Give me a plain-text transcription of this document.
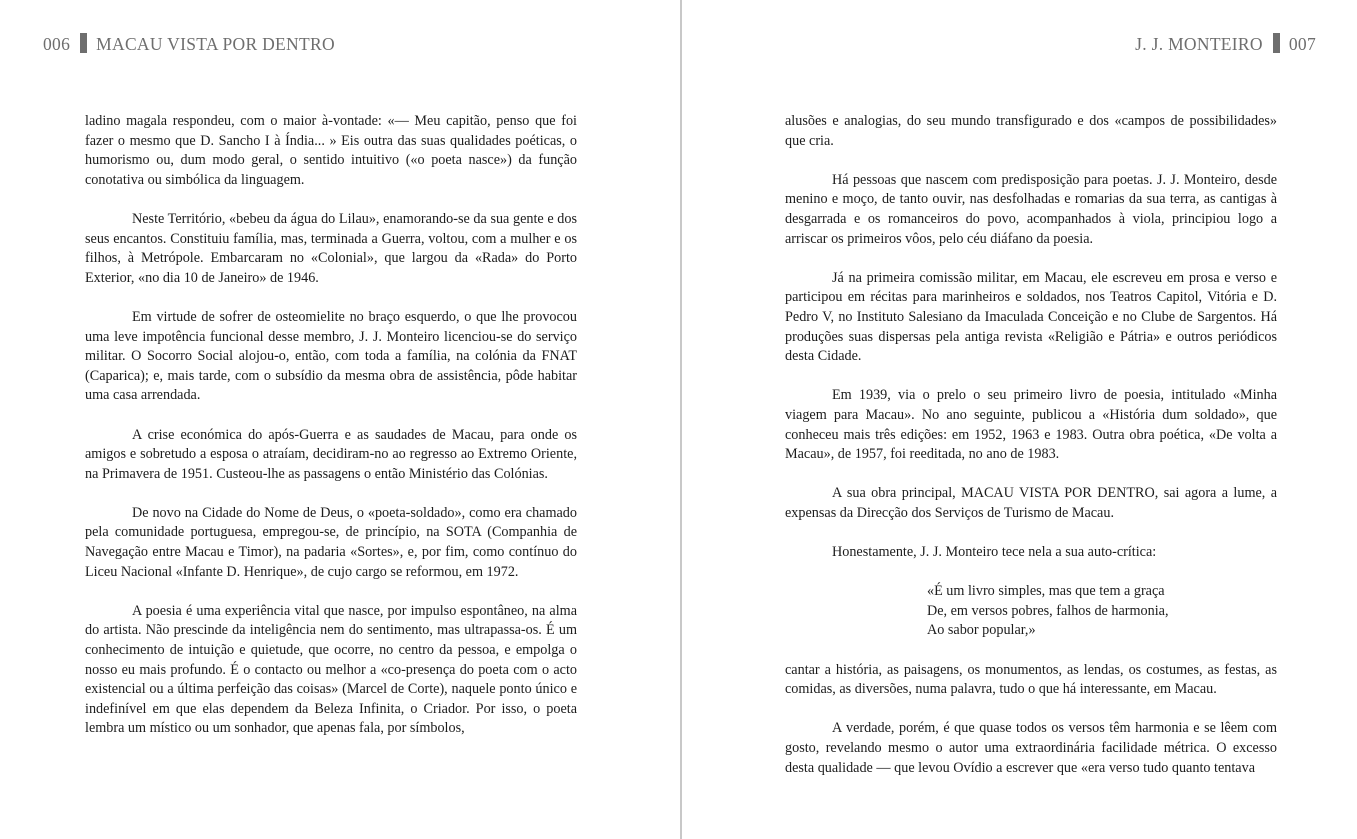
006 MACAU VISTA POR DENTRO

ladino magala respondeu, com o maior à-vontade: «— Meu capitão, penso que foi fazer o mesmo que D. Sancho I à Índia... » Eis outra das suas qualidades poéticas, o humorismo ou, dum modo geral, o sentido intuitivo («o poeta nasce») da função conotativa ou simbólica da linguagem.

Neste Território, «bebeu da água do Lilau», enamorando-se da sua gente e dos seus encantos. Constituiu família, mas, terminada a Guerra, voltou, com a mulher e os filhos, à Metrópole. Embarcaram no «Colonial», que largou da «Rada» do Porto Exterior, «no dia 10 de Janeiro» de 1946.

Em virtude de sofrer de osteomielite no braço esquerdo, o que lhe provocou uma leve impotência funcional desse membro, J. J. Monteiro licenciou-se do serviço militar. O Socorro Social alojou-o, então, com toda a família, na colónia da FNAT (Caparica); e, mais tarde, com o subsídio da mesma obra de assistência, pôde habitar uma casa arrendada.

A crise económica do após-Guerra e as saudades de Macau, para onde os amigos e sobretudo a esposa o atraíam, decidiram-no ao regresso ao Extremo Oriente, na Primavera de 1951. Custeou-lhe as passagens o então Ministério das Colónias.

De novo na Cidade do Nome de Deus, o «poeta-soldado», como era chamado pela comunidade portuguesa, empregou-se, de princípio, na SOTA (Companhia de Navegação entre Macau e Timor), na padaria «Sortes», e, por fim, como contínuo do Liceu Nacional «Infante D. Henrique», de cujo cargo se reformou, em 1972.

A poesia é uma experiência vital que nasce, por impulso espontâneo, na alma do artista. Não prescinde da inteligência nem do sentimento, mas ultrapassa-os. É um conhecimento de intuição e quietude, que ocorre, no centro da pessoa, e empolga o nosso eu mais profundo. É o contacto ou melhor a «co-presença do poeta com o acto existencial ou a última perfeição das coisas» (Marcel de Corte), naquele ponto único e indefinível em que elas dependem da Beleza Infinita, o Criador. Por isso, o poeta lembra um místico ou um sonhador, que apenas fala, por símbolos,

J. J. MONTEIRO 007

alusões e analogias, do seu mundo transfigurado e dos «campos de possibilidades» que cria.

Há pessoas que nascem com predisposição para poetas. J. J. Monteiro, desde menino e moço, de tanto ouvir, nas desfolhadas e romarias da sua terra, as cantigas à desgarrada e os romanceiros do povo, acompanhados à viola, principiou logo a arriscar os primeiros vôos, pelo céu diáfano da poesia.

Já na primeira comissão militar, em Macau, ele escreveu em prosa e verso e participou em récitas para marinheiros e soldados, nos Teatros Capitol, Vitória e D. Pedro V, no Instituto Salesiano da Imaculada Conceição e no Clube de Sargentos. Há produções suas dispersas pela antiga revista «Religião e Pátria» e outros periódicos desta Cidade.

Em 1939, via o prelo o seu primeiro livro de poesia, intitulado «Minha viagem para Macau». No ano seguinte, publicou a «História dum soldado», que conheceu mais três edições: em 1952, 1963 e 1983. Outra obra poética, «De volta a Macau», de 1957, foi reeditada, no ano de 1983.

A sua obra principal, MACAU VISTA POR DENTRO, sai agora a lume, a expensas da Direcção dos Serviços de Turismo de Macau.

Honestamente, J. J. Monteiro tece nela a sua auto-crítica:

«É um livro simples, mas que tem a graça
De, em versos pobres, falhos de harmonia,
Ao sabor popular,»

cantar a história, as paisagens, os monumentos, as lendas, os costumes, as festas, as comidas, as diversões, numa palavra, tudo o que há interessante, em Macau.

A verdade, porém, é que quase todos os versos têm harmonia e se lêem com gosto, revelando mesmo o autor uma extraordinária facilidade métrica. O excesso desta qualidade — que levou Ovídio a escrever que «era verso tudo quanto tentava
